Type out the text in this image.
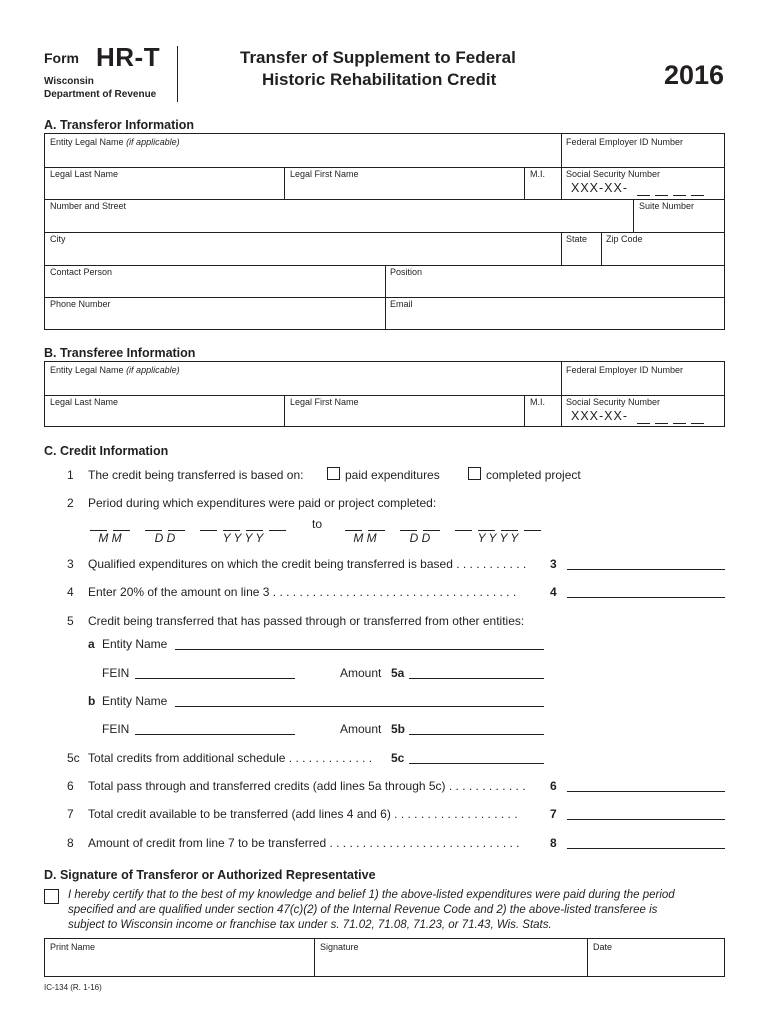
Form HR-T
Wisconsin
Department of Revenue
Transfer of Supplement to Federal
Historic Rehabilitation Credit	2016
A. Transferor Information
Entity Legal Name (if applicable)	Federal Employer ID Number
Legal Last Name	Legal First Name	M.I. Social Security Number
XXX-XX-
Number and Street	Suite Number
City	State Zip Code
Contact Person	Position
Phone Number	Email
B. Transferee Information
Entity Legal Name (if applicable)	Federal Employer ID Number
Legal Last Name	Legal First Name	M.I. Social Security Number
XXX-XX-
C. Credit Information
1 The credit being transferred is based on:	paid expenditures	completed project
2 Period during which expenditures were paid or project completed:
M M	D D	Y Y Y Y
to
M M	D D	Y Y Y Y
3 Qualified expenditures on which the credit being transferred is based . . . . . . . . . . . 3
4 Enter 20% of the amount on line 3 . . . . . . . . . . . . . . . . . . . . . . . . . . . . . . . . . . . . .	4
5 Credit being transferred that has passed through or transferred from other entities:
a Entity Name
FEIN	Amount 5a
b Entity Name
FEIN	Amount 5b
5c Total credits from additional schedule . . . . . . . . . . . . . 5c
6 Total pass through and transferred credits (add lines 5a through 5c) . . . . . . . . . . . . 6
7 Total credit available to be transferred (add lines 4 and 6) . . . . . . . . . . . . . . . . . . .	7
8 Amount of credit from line 7 to be transferred . . . . . . . . . . . . . . . . . . . . . . . . . . . . .	8
D. Signature of Transferor or Authorized Representative
I hereby certify that to the best of my knowledge and belief 1) the above-listed expenditures were paid during the period
specified and are qualified under section 47(c)(2) of the Internal Revenue Code and 2) the above-listed transferee is
subject to Wisconsin income or franchise tax under s. 71.02, 71.08, 71.23, or 71.43, Wis. Stats.
Print Name	Signature	Date
IC-134 (R. 1-16)
